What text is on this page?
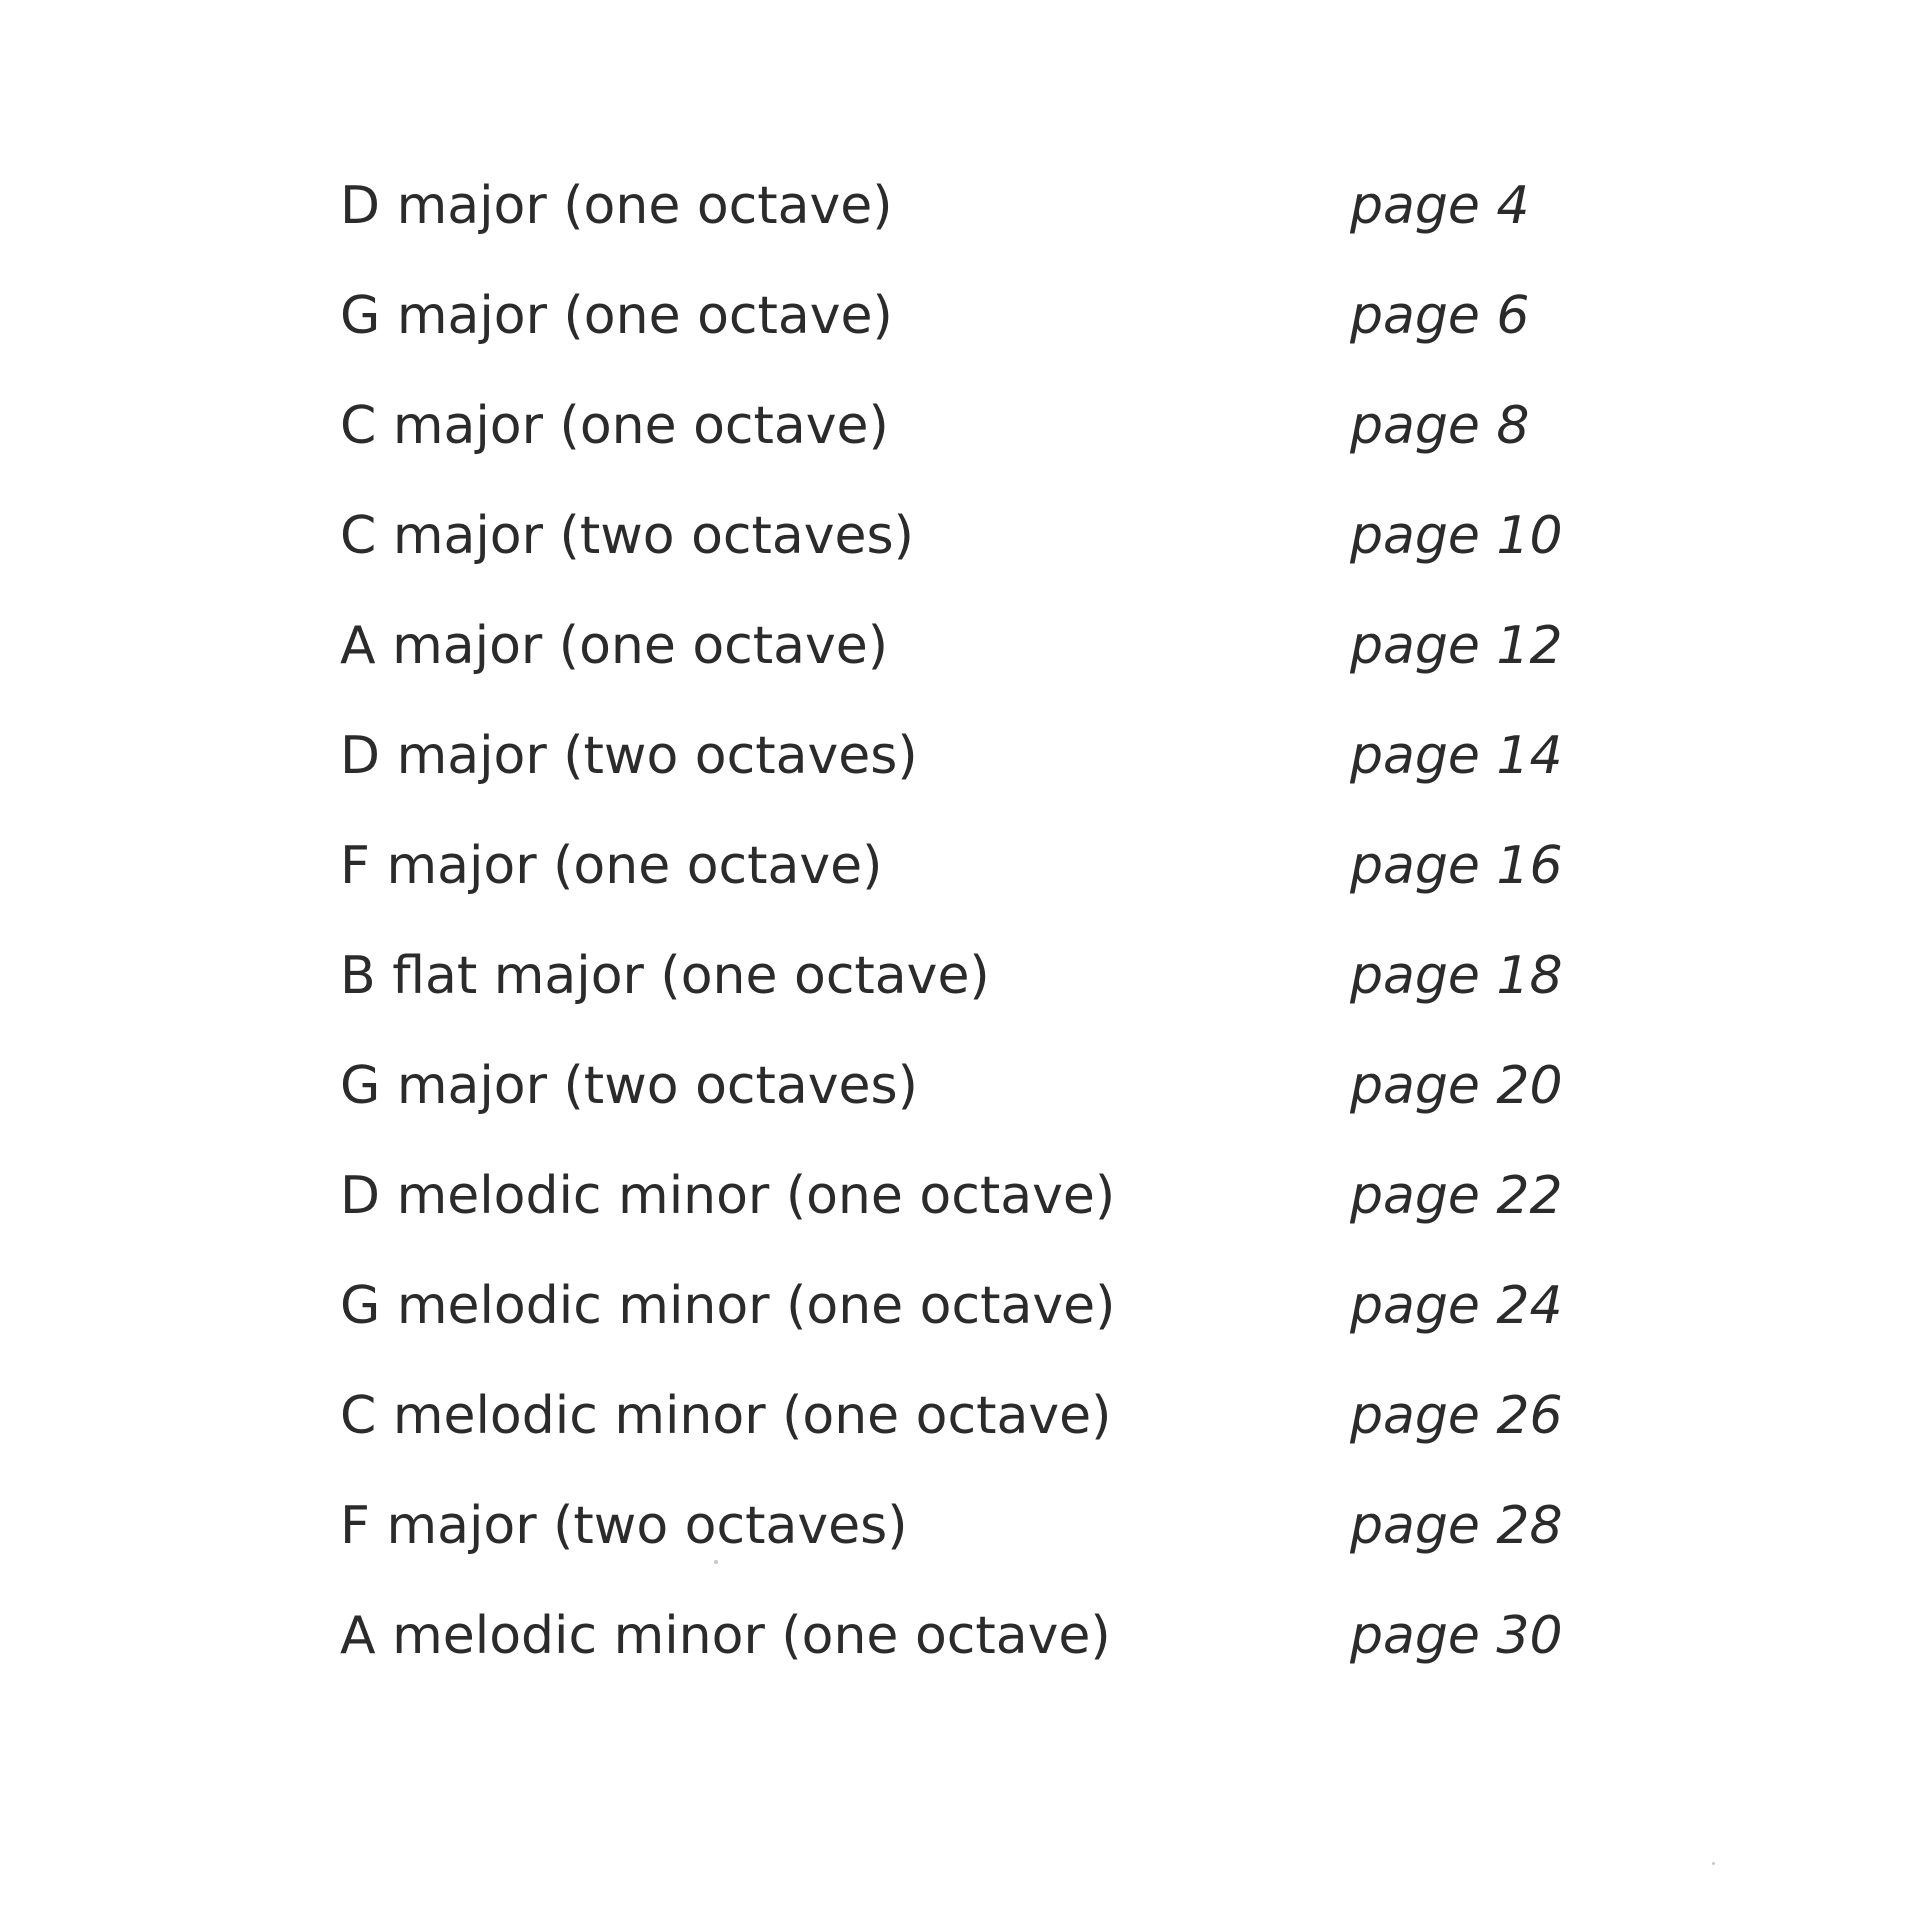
D major (one octave)	page 4
G major (one octave)	page 6
C major (one octave)	page 8
C major (two octaves)	page 10
A major (one octave)	page 12
D major (two octaves)	page 14
F major (one octave)	page 16
B flat major (one octave)	page 18
G major (two octaves)	page 20
D melodic minor (one octave)	page 22
G melodic minor (one octave)	page 24
C melodic minor (one octave)	page 26
F major (two octaves)	page 28
A melodic minor (one octave)	page 30
